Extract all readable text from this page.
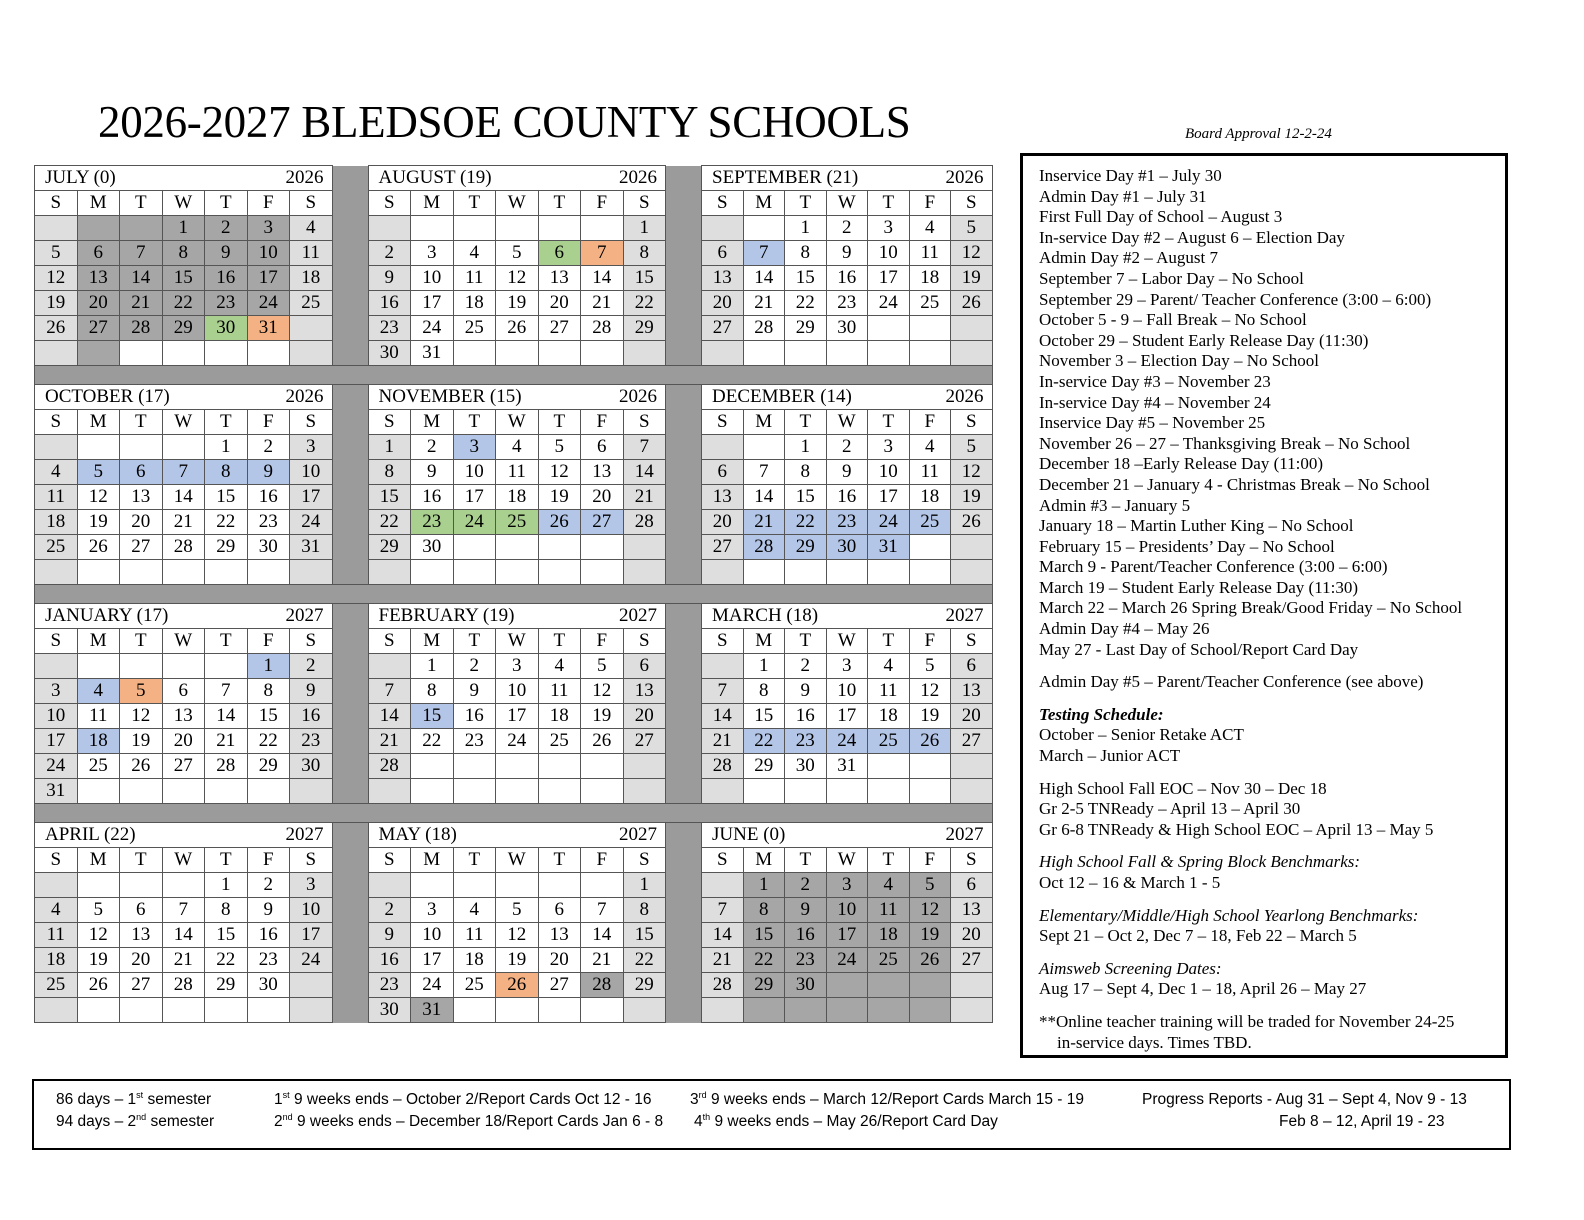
2026-2027 BLEDSOE COUNTY SCHOOLS	Board Approval 12-2-24
JULY (0) 2026								AUGUST (19) 2026								SEPTEMBER (21) 2026						

S	M	T	W	T	F	S		S	M	T	W	T	F	S		S	M	T	W	T	F	S
			1	2	3	4								1				1	2	3	4	5
5	6	7	8	9	10	11		2	3	4	5	6	7	8		6	7	8	9	10	11	12
12	13	14	15	16	17	18		9	10	11	12	13	14	15		13	14	15	16	17	18	19
19	20	21	22	23	24	25		16	17	18	19	20	21	22		20	21	22	23	24	25	26
26	27	28	29	30	31			23	24	25	26	27	28	29		27	28	29	30			
								30	31													

OCTOBER (17) 2026								NOVEMBER (15) 2026								DECEMBER (14) 2026						

S	M	T	W	T	F	S		S	M	T	W	T	F	S		S	M	T	W	T	F	S
				1	2	3		1	2	3	4	5	6	7				1	2	3	4	5
4	5	6	7	8	9	10		8	9	10	11	12	13	14		6	7	8	9	10	11	12
11	12	13	14	15	16	17		15	16	17	18	19	20	21		13	14	15	16	17	18	19
18	19	20	21	22	23	24		22	23	24	25	26	27	28		20	21	22	23	24	25	26
25	26	27	28	29	30	31		29	30							27	28	29	30	31		

JANUARY (17) 2027								FEBRUARY (19) 2027								MARCH (18) 2027						

S	M	T	W	T	F	S		S	M	T	W	T	F	S		S	M	T	W	T	F	S
					1	2			1	2	3	4	5	6			1	2	3	4	5	6
3	4	5	6	7	8	9		7	8	9	10	11	12	13		7	8	9	10	11	12	13
10	11	12	13	14	15	16		14	15	16	17	18	19	20		14	15	16	17	18	19	20
17	18	19	20	21	22	23		21	22	23	24	25	26	27		21	22	23	24	25	26	27
24	25	26	27	28	29	30		28								28	29	30	31			
31																						

APRIL (22) 2027								MAY (18) 2027								JUNE (0) 2027						

S	M	T	W	T	F	S		S	M	T	W	T	F	S		S	M	T	W	T	F	S
				1	2	3								1			1	2	3	4	5	6
4	5	6	7	8	9	10		2	3	4	5	6	7	8		7	8	9	10	11	12	13
11	12	13	14	15	16	17		9	10	11	12	13	14	15		14	15	16	17	18	19	20
18	19	20	21	22	23	24		16	17	18	19	20	21	22		21	22	23	24	25	26	27
25	26	27	28	29	30			23	24	25	26	27	28	29		28	29	30				
								30	31													
Inservice Day #1 – July 30
Admin Day #1 – July 31
First Full Day of School – August 3
In-service Day #2 – August 6 – Election Day
Admin Day #2 – August 7
September 7 – Labor Day – No School
September 29 – Parent/ Teacher Conference (3:00 – 6:00)
October 5 - 9 – Fall Break – No School
October 29 – Student Early Release Day (11:30)
November 3 – Election Day – No School
In-service Day #3 – November 23
In-service Day #4 – November 24
Inservice Day #5 – November 25
November 26 – 27 – Thanksgiving Break – No School
December 18 –Early Release Day (11:00)
December 21 – January 4 - Christmas Break – No School
Admin #3 – January 5
January 18 – Martin Luther King – No School
February 15 – Presidents’ Day – No School
March 9 - Parent/Teacher Conference (3:00 – 6:00)
March 19 – Student Early Release Day (11:30)
March 22 – March 26 Spring Break/Good Friday – No School
Admin Day #4 – May 26
May 27 - Last Day of School/Report Card Day
Admin Day #5 – Parent/Teacher Conference (see above)
Testing Schedule:
October – Senior Retake ACT
March – Junior ACT
High School Fall EOC – Nov 30 – Dec 18
Gr 2-5 TNReady – April 13 – April 30
Gr 6-8 TNReady & High School EOC – April 13 – May 5
High School Fall & Spring Block Benchmarks:
Oct 12 – 16 & March 1 - 5
Elementary/Middle/High School Yearlong Benchmarks:
Sept 21 – Oct 2, Dec 7 – 18, Feb 22 – March 5
Aimsweb Screening Dates:
Aug 17 – Sept 4, Dec 1 – 18, April 26 – May 27
**Online teacher training will be traded for November 24-25
in-service days. Times TBD.
86 days – 1st semester
94 days – 2nd semester
1st 9 weeks ends – October 2/Report Cards Oct 12 - 16
2nd 9 weeks ends – December 18/Report Cards Jan 6 - 8
3rd 9 weeks ends – March 12/Report Cards March 15 - 19
4th 9 weeks ends – May 26/Report Card Day
Progress Reports - Aug 31 – Sept 4, Nov 9 - 13
Feb 8 – 12, April 19 - 23
